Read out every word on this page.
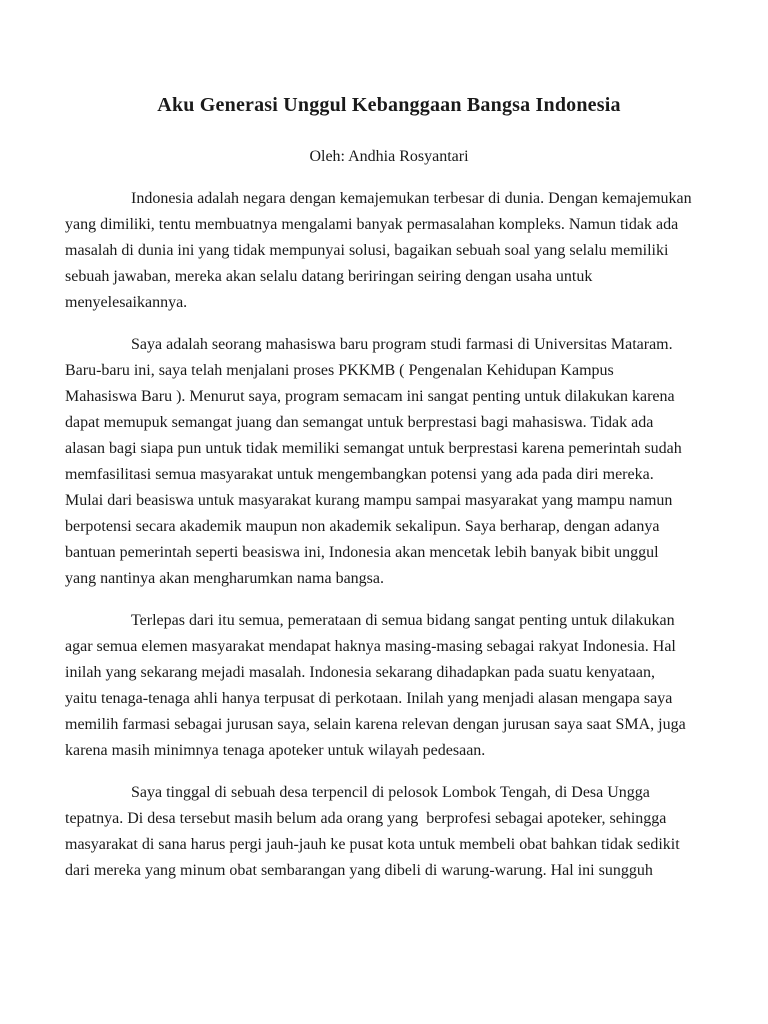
Aku Generasi Unggul Kebanggaan Bangsa Indonesia

Oleh: Andhia Rosyantari

Indonesia adalah negara dengan kemajemukan terbesar di dunia. Dengan kemajemukan
yang dimiliki, tentu membuatnya mengalami banyak permasalahan kompleks. Namun tidak ada
masalah di dunia ini yang tidak mempunyai solusi, bagaikan sebuah soal yang selalu memiliki
sebuah jawaban, mereka akan selalu datang beriringan seiring dengan usaha untuk
menyelesaikannya.

Saya adalah seorang mahasiswa baru program studi farmasi di Universitas Mataram.
Baru-baru ini, saya telah menjalani proses PKKMB ( Pengenalan Kehidupan Kampus
Mahasiswa Baru ). Menurut saya, program semacam ini sangat penting untuk dilakukan karena
dapat memupuk semangat juang dan semangat untuk berprestasi bagi mahasiswa. Tidak ada
alasan bagi siapa pun untuk tidak memiliki semangat untuk berprestasi karena pemerintah sudah
memfasilitasi semua masyarakat untuk mengembangkan potensi yang ada pada diri mereka.
Mulai dari beasiswa untuk masyarakat kurang mampu sampai masyarakat yang mampu namun
berpotensi secara akademik maupun non akademik sekalipun. Saya berharap, dengan adanya
bantuan pemerintah seperti beasiswa ini, Indonesia akan mencetak lebih banyak bibit unggul
yang nantinya akan mengharumkan nama bangsa.

Terlepas dari itu semua, pemerataan di semua bidang sangat penting untuk dilakukan
agar semua elemen masyarakat mendapat haknya masing-masing sebagai rakyat Indonesia. Hal
inilah yang sekarang mejadi masalah. Indonesia sekarang dihadapkan pada suatu kenyataan,
yaitu tenaga-tenaga ahli hanya terpusat di perkotaan. Inilah yang menjadi alasan mengapa saya
memilih farmasi sebagai jurusan saya, selain karena relevan dengan jurusan saya saat SMA, juga
karena masih minimnya tenaga apoteker untuk wilayah pedesaan.

Saya tinggal di sebuah desa terpencil di pelosok Lombok Tengah, di Desa Ungga
tepatnya. Di desa tersebut masih belum ada orang yang  berprofesi sebagai apoteker, sehingga
masyarakat di sana harus pergi jauh-jauh ke pusat kota untuk membeli obat bahkan tidak sedikit
dari mereka yang minum obat sembarangan yang dibeli di warung-warung. Hal ini sungguh
